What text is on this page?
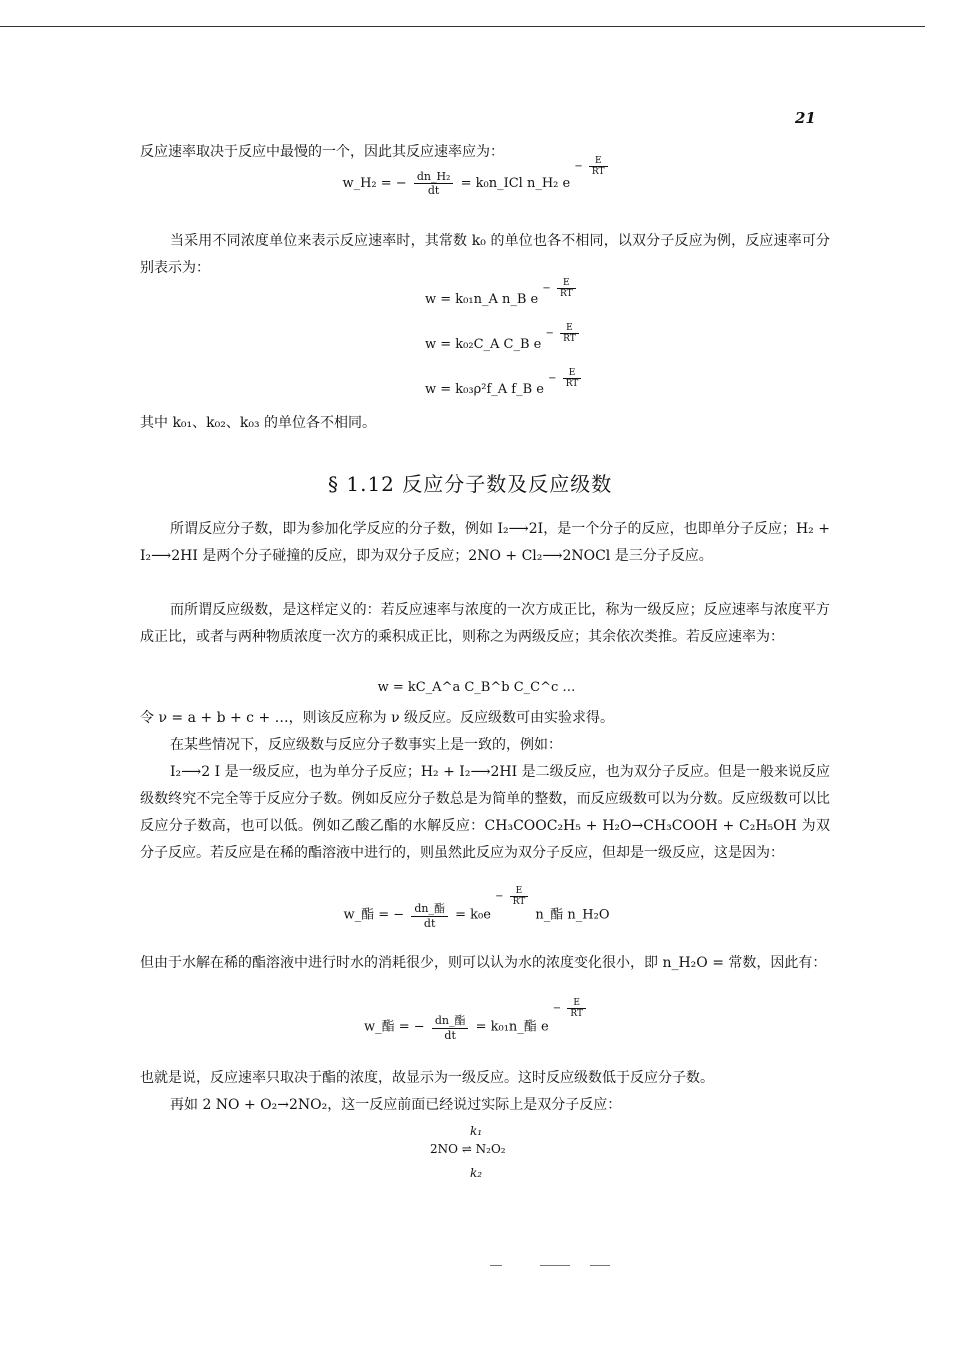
21
反应速率取决于反应中最慢的一个，因此其反应速率应为：
w_H₂ = − $\frac{\text{dn\_H₂}}{dt}$ = k₀n_ICl n_H₂ $e - \frac{E}{RT}$
当采用不同浓度单位来表示反应速率时，其常数 k₀ 的单位也各不相同，以双分子反应为例，反应速率可分别表示为：
w = k₀₁n_A n_B $e - \frac{E}{RT}$
w = k₀₂C_A C_B $e - \frac{E}{RT}$
w = k₀₃ρ²f_A f_B $e - \frac{E}{RT}$
其中 k₀₁、k₀₂、k₀₃ 的单位各不相同。
§ 1.12 反应分子数及反应级数
所谓反应分子数，即为参加化学反应的分子数，例如 I₂⟶2I，是一个分子的反应，也即单分子反应；H₂ + I₂⟶2HI 是两个分子碰撞的反应，即为双分子反应；2NO + Cl₂⟶2NOCl 是三分子反应。
而所谓反应级数，是这样定义的：若反应速率与浓度的一次方成正比，称为一级反应；反应速率与浓度平方成正比，或者与两种物质浓度一次方的乘积成正比，则称之为两级反应；其余依次类推。若反应速率为：
w = kC_A^a C_B^b C_C^c …
令 ν = a + b + c + …，则该反应称为 ν 级反应。反应级数可由实验求得。
在某些情况下，反应级数与反应分子数事实上是一致的，例如：
I₂⟶2 I 是一级反应，也为单分子反应；H₂ + I₂⟶2HI 是二级反应，也为双分子反应。但是一般来说反应级数终究不完全等于反应分子数。例如反应分子数总是为简单的整数，而反应级数可以为分数。反应级数可以比反应分子数高，也可以低。例如乙酸乙酯的水解反应：CH₃COOC₂H₅ + H₂O→CH₃COOH + C₂H₅OH 为双分子反应。若反应是在稀的酯溶液中进行的，则虽然此反应为双分子反应，但却是一级反应，这是因为：
w_酯 = − $\frac{\text{dn\_酯}}{dt} = k_0e - \frac{E}{RT}$
n_酯 n_H₂O
但由于水解在稀的酯溶液中进行时水的消耗很少，则可以认为水的浓度变化很小，即 n_H₂O = 常数，因此有：
w_酯 = − $\frac{\text{dn\_酯}}{dt}$ = k₀₁n_酯 $e - \frac{E}{RT}$
也就是说，反应速率只取决于酯的浓度，故显示为一级反应。这时反应级数低于反应分子数。
再如 2 NO + O₂→2NO₂，这一反应前面已经说过实际上是双分子反应：
k₁
2NO ⇌ N₂O₂
k₂
